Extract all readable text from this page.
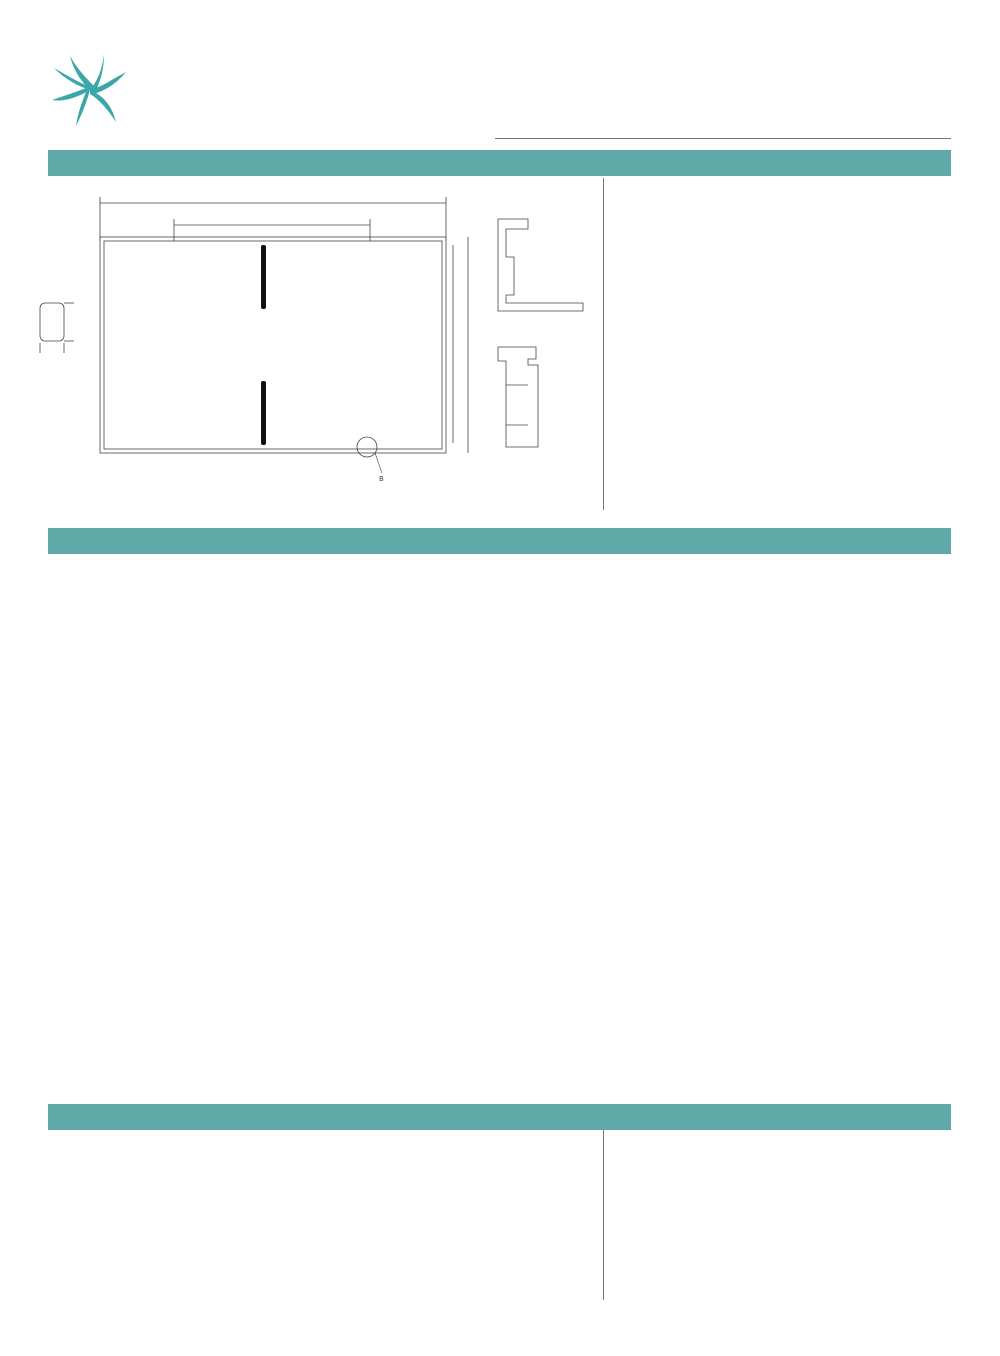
B
